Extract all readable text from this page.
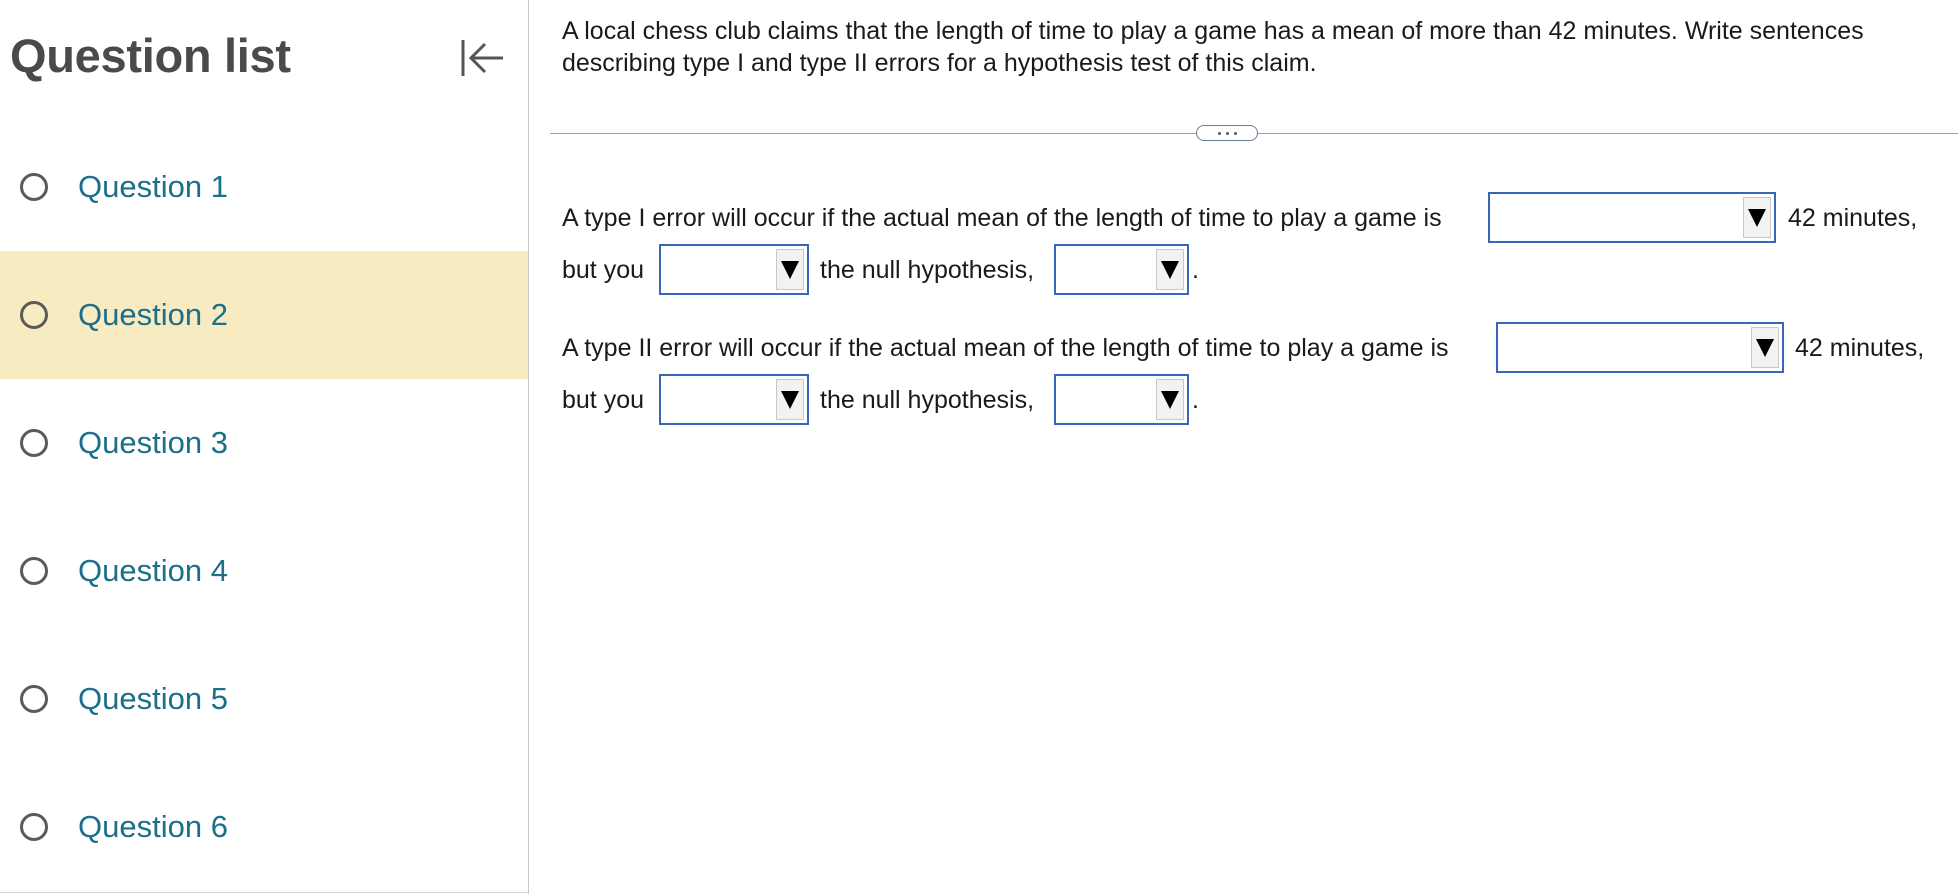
Question list
Question 1
Question 2
Question 3
Question 4
Question 5
Question 6
A local chess club claims that the length of time to play a game has a mean of more than 42 minutes. Write sentences describing type I and type II errors for a hypothesis test of this claim.
A type I error will occur if the actual mean of the length of time to play a game is	42 minutes,
but you	the null hypothesis,	.
A type II error will occur if the actual mean of the length of time to play a game is	42 minutes,
but you	the null hypothesis,	.
